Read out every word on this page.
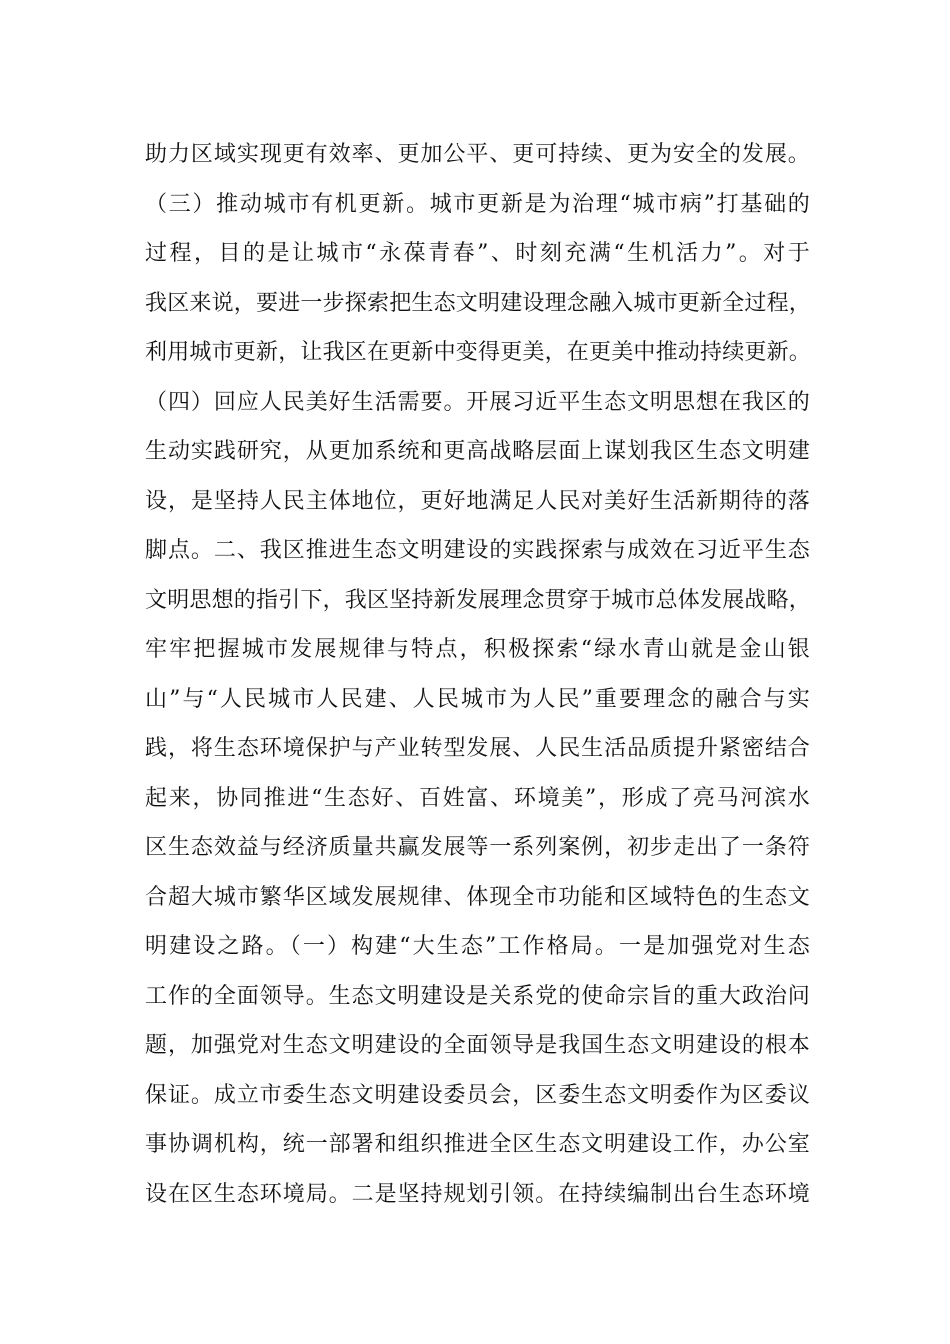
助力区域实现更有效率、更加公平、更可持续、更为安全的发展。
（三）推动城市有机更新。城市更新是为治理“城市病”打基础的
过程，目的是让城市“永葆青春”、时刻充满“生机活力”。对于
我区来说，要进一步探索把生态文明建设理念融入城市更新全过程，
利用城市更新，让我区在更新中变得更美，在更美中推动持续更新。
（四）回应人民美好生活需要。开展习近平生态文明思想在我区的
生动实践研究，从更加系统和更高战略层面上谋划我区生态文明建
设，是坚持人民主体地位，更好地满足人民对美好生活新期待的落
脚点。二、我区推进生态文明建设的实践探索与成效在习近平生态
文明思想的指引下，我区坚持新发展理念贯穿于城市总体发展战略，
牢牢把握城市发展规律与特点，积极探索“绿水青山就是金山银
山”与“人民城市人民建、人民城市为人民”重要理念的融合与实
践，将生态环境保护与产业转型发展、人民生活品质提升紧密结合
起来，协同推进“生态好、百姓富、环境美”，形成了亮马河滨水
区生态效益与经济质量共赢发展等一系列案例，初步走出了一条符
合超大城市繁华区域发展规律、体现全市功能和区域特色的生态文
明建设之路。（一）构建“大生态”工作格局。一是加强党对生态
工作的全面领导。生态文明建设是关系党的使命宗旨的重大政治问
题，加强党对生态文明建设的全面领导是我国生态文明建设的根本
保证。成立市委生态文明建设委员会，区委生态文明委作为区委议
事协调机构，统一部署和组织推进全区生态文明建设工作，办公室
设在区生态环境局。二是坚持规划引领。在持续编制出台生态环境
